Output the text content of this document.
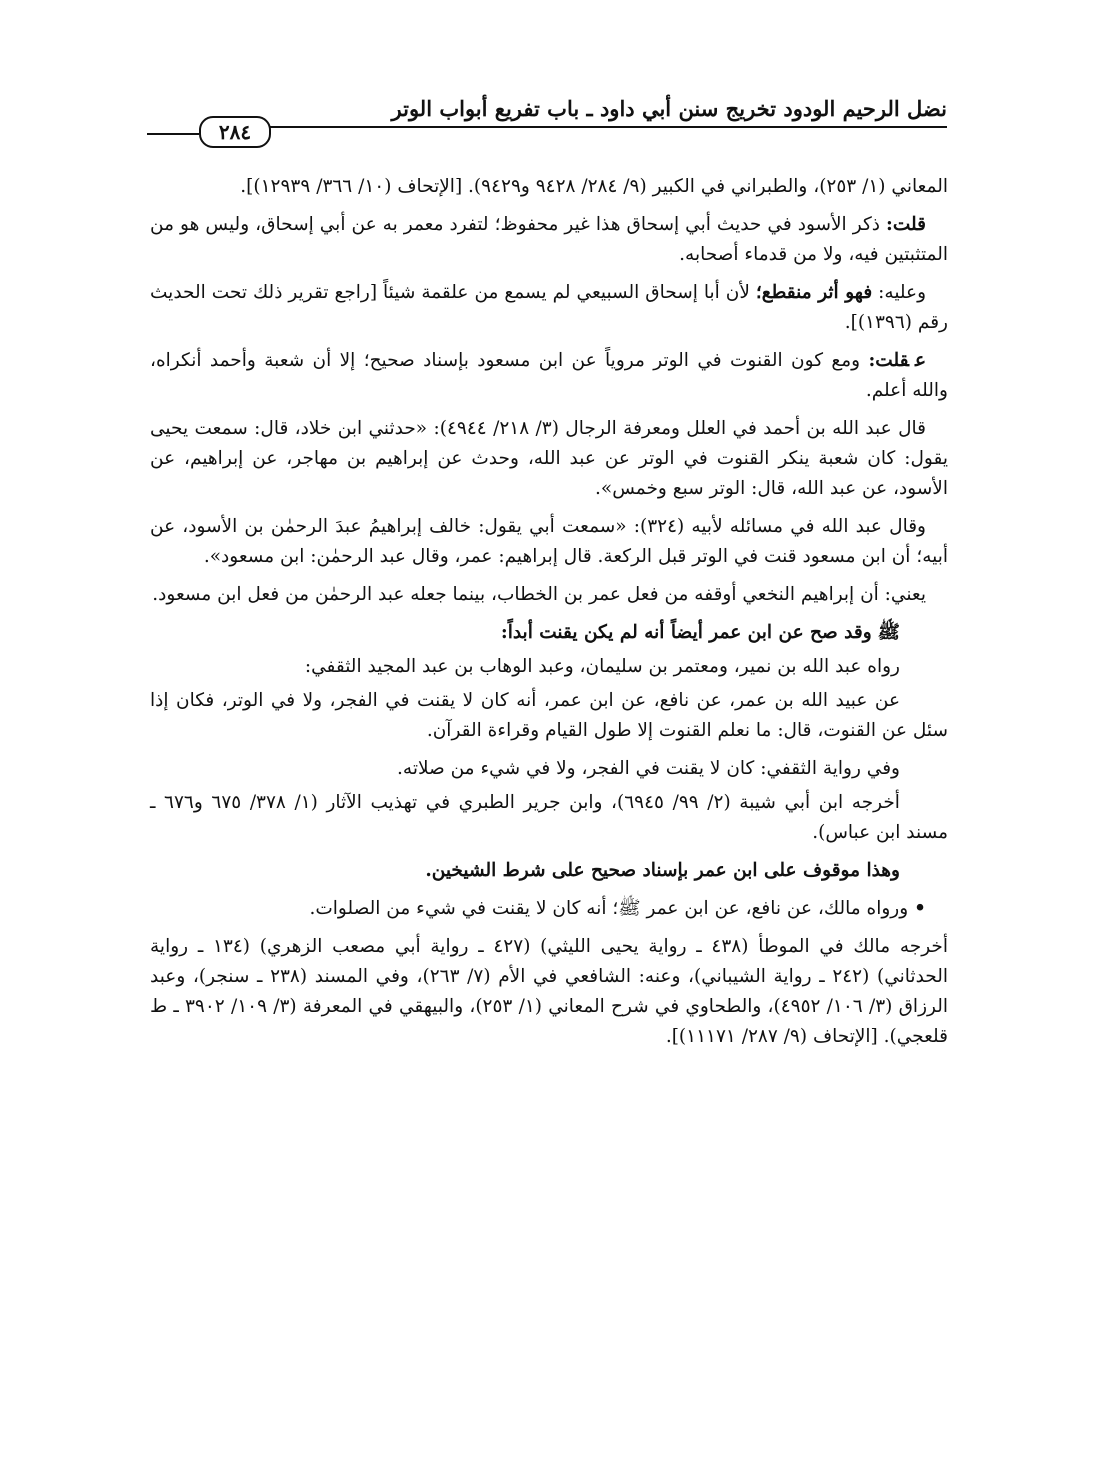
نضل الرحيم الودود تخريج سنن أبي داود ـ باب تفريع أبواب الوتر
٢٨٤

المعاني (١/ ٢٥٣)، والطبراني في الكبير (٩/ ٢٨٤/ ٩٤٢٨ و٩٤٢٩). [الإتحاف (١٠/ ٣٦٦/ ١٢٩٣٩)].

قلت: ذكر الأسود في حديث أبي إسحاق هذا غير محفوظ؛ لتفرد معمر به عن أبي إسحاق، وليس هو من المتثبتين فيه، ولا من قدماء أصحابه.

وعليه: فهو أثر منقطع؛ لأن أبا إسحاق السبيعي لم يسمع من علقمة شيئاً [راجع تقرير ذلك تحت الحديث رقم (١٣٩٦)].

عقلت: ومع كون القنوت في الوتر مروياً عن ابن مسعود بإسناد صحيح؛ إلا أن شعبة وأحمد أنكراه، والله أعلم.

قال عبد الله بن أحمد في العلل ومعرفة الرجال (٣/ ٢١٨/ ٤٩٤٤): «حدثني ابن خلاد، قال: سمعت يحيى يقول: كان شعبة ينكر القنوت في الوتر عن عبد الله، وحدث عن إبراهيم بن مهاجر، عن إبراهيم، عن الأسود، عن عبد الله، قال: الوتر سبع وخمس».

وقال عبد الله في مسائله لأبيه (٣٢٤): «سمعت أبي يقول: خالف إبراهيمُ عبدَ الرحمٰن بن الأسود، عن أبيه؛ أن ابن مسعود قنت في الوتر قبل الركعة. قال إبراهيم: عمر، وقال عبد الرحمٰن: ابن مسعود».

يعني: أن إبراهيم النخعي أوقفه من فعل عمر بن الخطاب، بينما جعله عبد الرحمٰن من فعل ابن مسعود.

ﷺوقد صح عن ابن عمر أيضاً أنه لم يكن يقنت أبداً:

رواه عبد الله بن نمير، ومعتمر بن سليمان، وعبد الوهاب بن عبد المجيد الثقفي:

عن عبيد الله بن عمر، عن نافع، عن ابن عمر، أنه كان لا يقنت في الفجر، ولا في الوتر، فكان إذا سئل عن القنوت، قال: ما نعلم القنوت إلا طول القيام وقراءة القرآن.

وفي رواية الثقفي: كان لا يقنت في الفجر، ولا في شيء من صلاته.

أخرجه ابن أبي شيبة (٢/ ٩٩/ ٦٩٤٥)، وابن جرير الطبري في تهذيب الآثار (١/ ٣٧٨/ ٦٧٥ و٦٧٦ ـ مسند ابن عباس).

وهذا موقوف على ابن عمر بإسناد صحيح على شرط الشيخين.

•ورواه مالك، عن نافع، عن ابن عمر ﷺ؛ أنه كان لا يقنت في شيء من الصلوات.

أخرجه مالك في الموطأ (٤٣٨ ـ رواية يحيى الليثي) (٤٢٧ ـ رواية أبي مصعب الزهري) (١٣٤ ـ رواية الحدثاني) (٢٤٢ ـ رواية الشيباني)، وعنه: الشافعي في الأم (٧/ ٢٦٣)، وفي المسند (٢٣٨ ـ سنجر)، وعبد الرزاق (٣/ ١٠٦/ ٤٩٥٢)، والطحاوي في شرح المعاني (١/ ٢٥٣)، والبيهقي في المعرفة (٣/ ١٠٩/ ٣٩٠٢ ـ ط قلعجي). [الإتحاف (٩/ ٢٨٧/ ١١١٧١)].
